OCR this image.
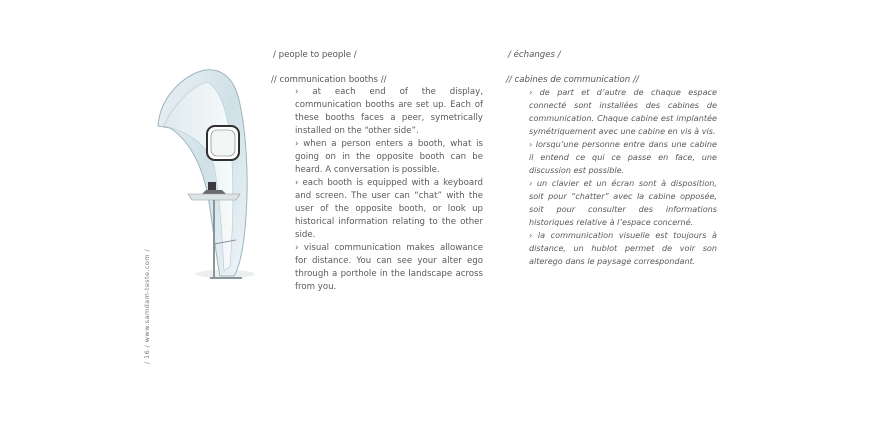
/ 16 / www.samdam-teste.com /
/ people to people /
// communication booths //

› at each end of the display, communication booths are set up. Each of these booths faces a peer, symetrically installed on the “other side”.

› when a person enters a booth, what is going on in the opposite booth can be heard. A conversation is possible.

› each booth is equipped with a keyboard and screen. The user can “chat” with the user of the opposite booth, or look up historical information relating to the other side.

› visual communication makes allowance for distance. You can see your alter ego through a porthole in the landscape across from you.

/ échanges /
// cabines de communication //

› de part et d’autre de chaque espace connecté sont installées des cabines de communication. Chaque cabine est implantée symétriquement avec une cabine en vis à vis.

› lorsqu’une personne entre dans une cabine il entend ce qui ce passe en face, une discussion est possible.

› un clavier et un écran sont à disposition, soit pour “chatter” avec la cabine opposée, soit pour consulter des informations historiques relative à l’espace concerné.

› la communication visuelle est toujours à distance, un hublot permet de voir son alterego dans le paysage correspondant.
